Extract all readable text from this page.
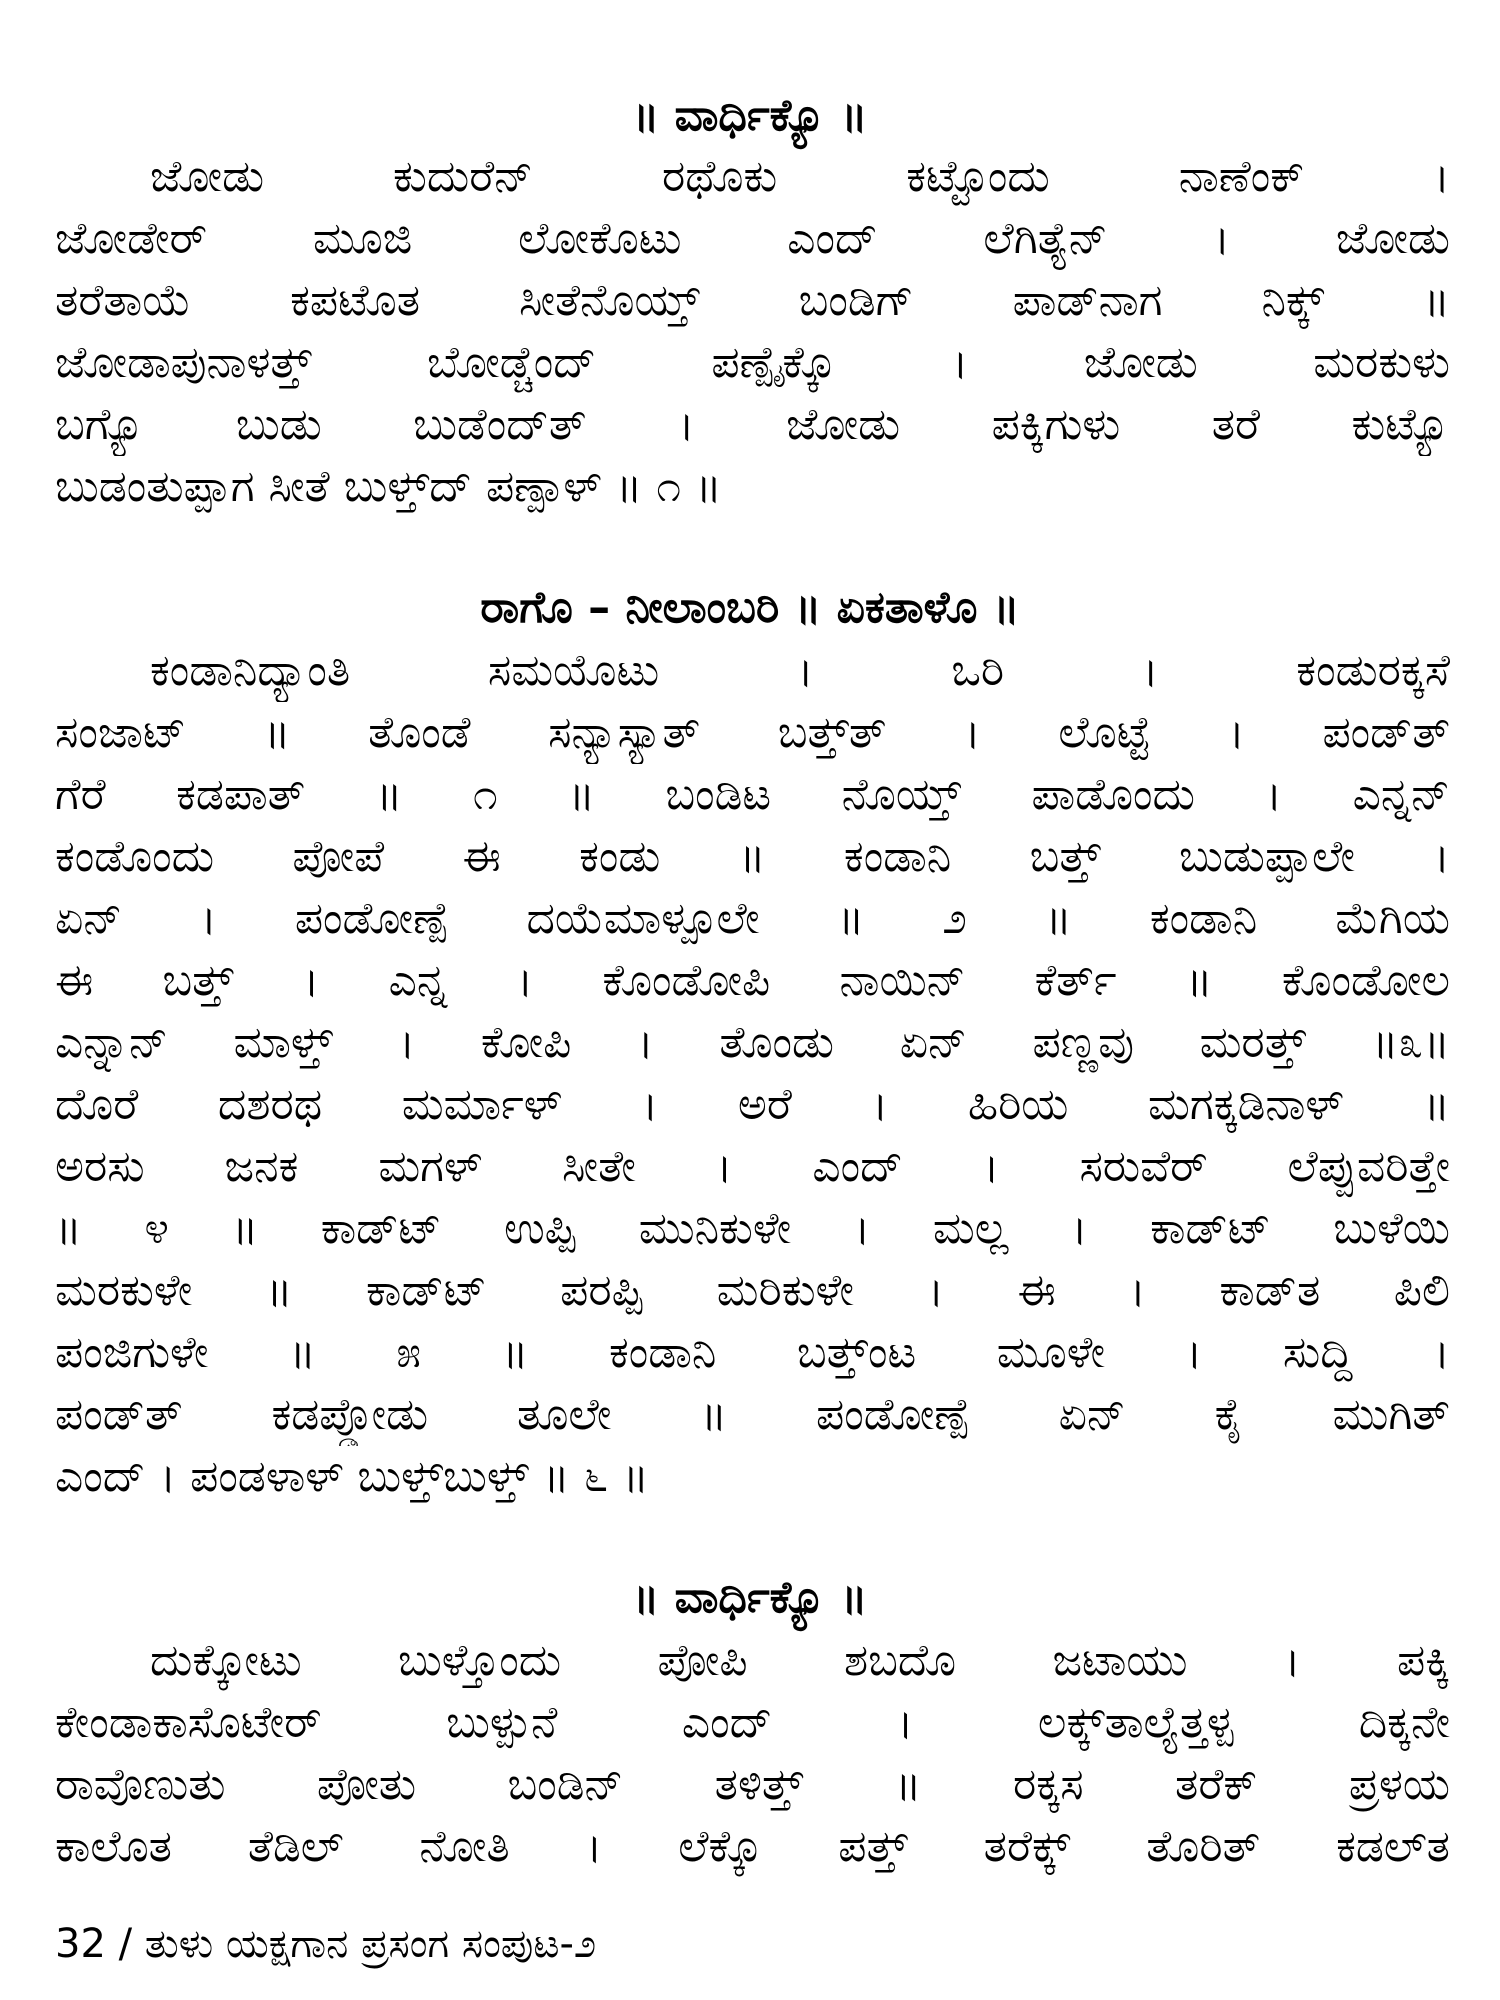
॥ ವಾರ್ಧಿಕ್ಯೊ ॥
ಜೋಡು ಕುದುರೆನ್ ರಥೊಕು ಕಟ್ಟೊಂದು ನಾಣೆಂಕ್ ।
ಜೋಡೇರ್ ಮೂಜಿ ಲೋಕೊಟು ಎಂದ್ ಲೆಗಿತ್ಯೆನ್ । ಜೋಡು
ತರೆತಾಯೆ ಕಪಟೊತ ಸೀತೆನೊಯ್ತ್ ಬಂಡಿಗ್ ಪಾಡ್‌ನಾಗ ನಿಕ್ಕ್ ॥
ಜೋಡಾಪುನಾಳತ್ತ್ ಬೋಡ್ಚೆಂದ್ ಪಣ್ಪೈಕ್ಕೊ । ಜೋಡು ಮರಕುಳು
ಬಗ್ಯೊ ಬುಡು ಬುಡೆಂದ್‌ತ್ । ಜೋಡು ಪಕ್ಕಿಗುಳು ತರೆ ಕುಟ್ಯೊ
ಬುಡಂತುಪ್ಪಾಗ ಸೀತೆ ಬುಳ್ತ್‌ದ್ ಪಣ್ಪಾಳ್ ॥ ೧ ॥
ರಾಗೊ – ನೀಲಾಂಬರಿ ॥ ಏಕತಾಳೊ ॥
ಕಂಡಾನಿದ್ಯಾಂತಿ ಸಮಯೊಟು । ಒರಿ । ಕಂಡುರಕ್ಕಸೆ
ಸಂಜಾಟ್ ॥ ತೊಂಡೆ ಸನ್ಯಾಸ್ಯಾತ್ ಬತ್ತ್‌ತ್ । ಲೊಟ್ಟೆ । ಪಂಡ್‌ತ್
ಗೆರೆ ಕಡಪಾತ್ ॥ ೧ ॥ ಬಂಡಿಟ ನೊಯ್ತ್ ಪಾಡೊಂದು । ಎನ್ನನ್
ಕಂಡೊಂದು ಪೋಪೆ ಈ ಕಂಡು ॥ ಕಂಡಾನಿ ಬತ್ತ್ ಬುಡುಪ್ಪಾಲೇ ।
ಏನ್ । ಪಂಡೋಣ್ಪೆ ದಯೆಮಾಳ್ಪೂಲೇ ॥ ೨ ॥ ಕಂಡಾನಿ ಮೆಗಿಯ
ಈ ಬತ್ತ್ । ಎನ್ನ । ಕೊಂಡೋಪಿ ನಾಯಿನ್ ಕೆರ್ತ್ ॥ ಕೊಂಡೋಲ
ಎನ್ನಾನ್ ಮಾಳ್ತ್ । ಕೋಪಿ । ತೊಂಡು ಏನ್ ಪಣ್ಣವು ಮರತ್ತ್ ॥೩॥
ದೊರೆ ದಶರಥ ಮರ್ಮಾಳ್ । ಅರೆ । ಹಿರಿಯ ಮಗಕ್ಕಡಿನಾಳ್ ॥
ಅರಸು ಜನಕ ಮಗಳ್ ಸೀತೇ । ಎಂದ್ । ಸರುವೆರ್ ಲೆಪ್ಪುವರಿತ್ತೇ
॥ ೪ ॥ ಕಾಡ್‌ಟ್ ಉಪ್ಪಿ ಮುನಿಕುಳೇ । ಮಲ್ಲ । ಕಾಡ್‌ಟ್ ಬುಳೆಯಿ
ಮರಕುಳೇ ॥ ಕಾಡ್‌ಟ್ ಪರಪ್ಪಿ ಮರಿಕುಳೇ । ಈ । ಕಾಡ್‌ತ ಪಿಲಿ
ಪಂಜಿಗುಳೇ ॥ ೫ ॥ ಕಂಡಾನಿ ಬತ್ತ್‌ಂಟ ಮೂಳೇ । ಸುದ್ದಿ ।
ಪಂಡ್‌ತ್ ಕಡಪ್ಡೋಡು ತೂಲೇ ॥ ಪಂಡೋಣ್ಪೆ ಏನ್ ಕೈ ಮುಗಿತ್
ಎಂದ್ । ಪಂಡಳಾಳ್ ಬುಳ್ತ್‌ಬುಳ್ತ್ ॥ ೬ ॥
॥ ವಾರ್ಧಿಕ್ಯೊ ॥
ದುಕ್ಕೋಟು ಬುಳ್ತೊಂದು ಪೋಪಿ ಶಬದೊ ಜಟಾಯು । ಪಕ್ಕಿ
ಕೇಂಡಾಕಾಸೊಟೇರ್ ಬುಳ್ಪುನೆ ಎಂದ್ । ಲಕ್ಕ್‌ತಾಲ್ಯೆತ್ತಳ್ಪ ದಿಕ್ಕನೇ
ರಾವೊಣುತು ಪೋತು ಬಂಡಿನ್ ತಳಿತ್ತ್ ॥ ರಕ್ಕಸ ತರೆಕ್ ಪ್ರಳಯ
ಕಾಲೊತ ತೆಡಿಲ್ ನೋತಿ । ಲೆಕ್ಕೊ ಪತ್ತ್ ತರೆಕ್ಕ್ ತೊರಿತ್ ಕಡಲ್‌ತ
32 / ತುಳು ಯಕ್ಷಗಾನ ಪ್ರಸಂಗ ಸಂಪುಟ-೨
